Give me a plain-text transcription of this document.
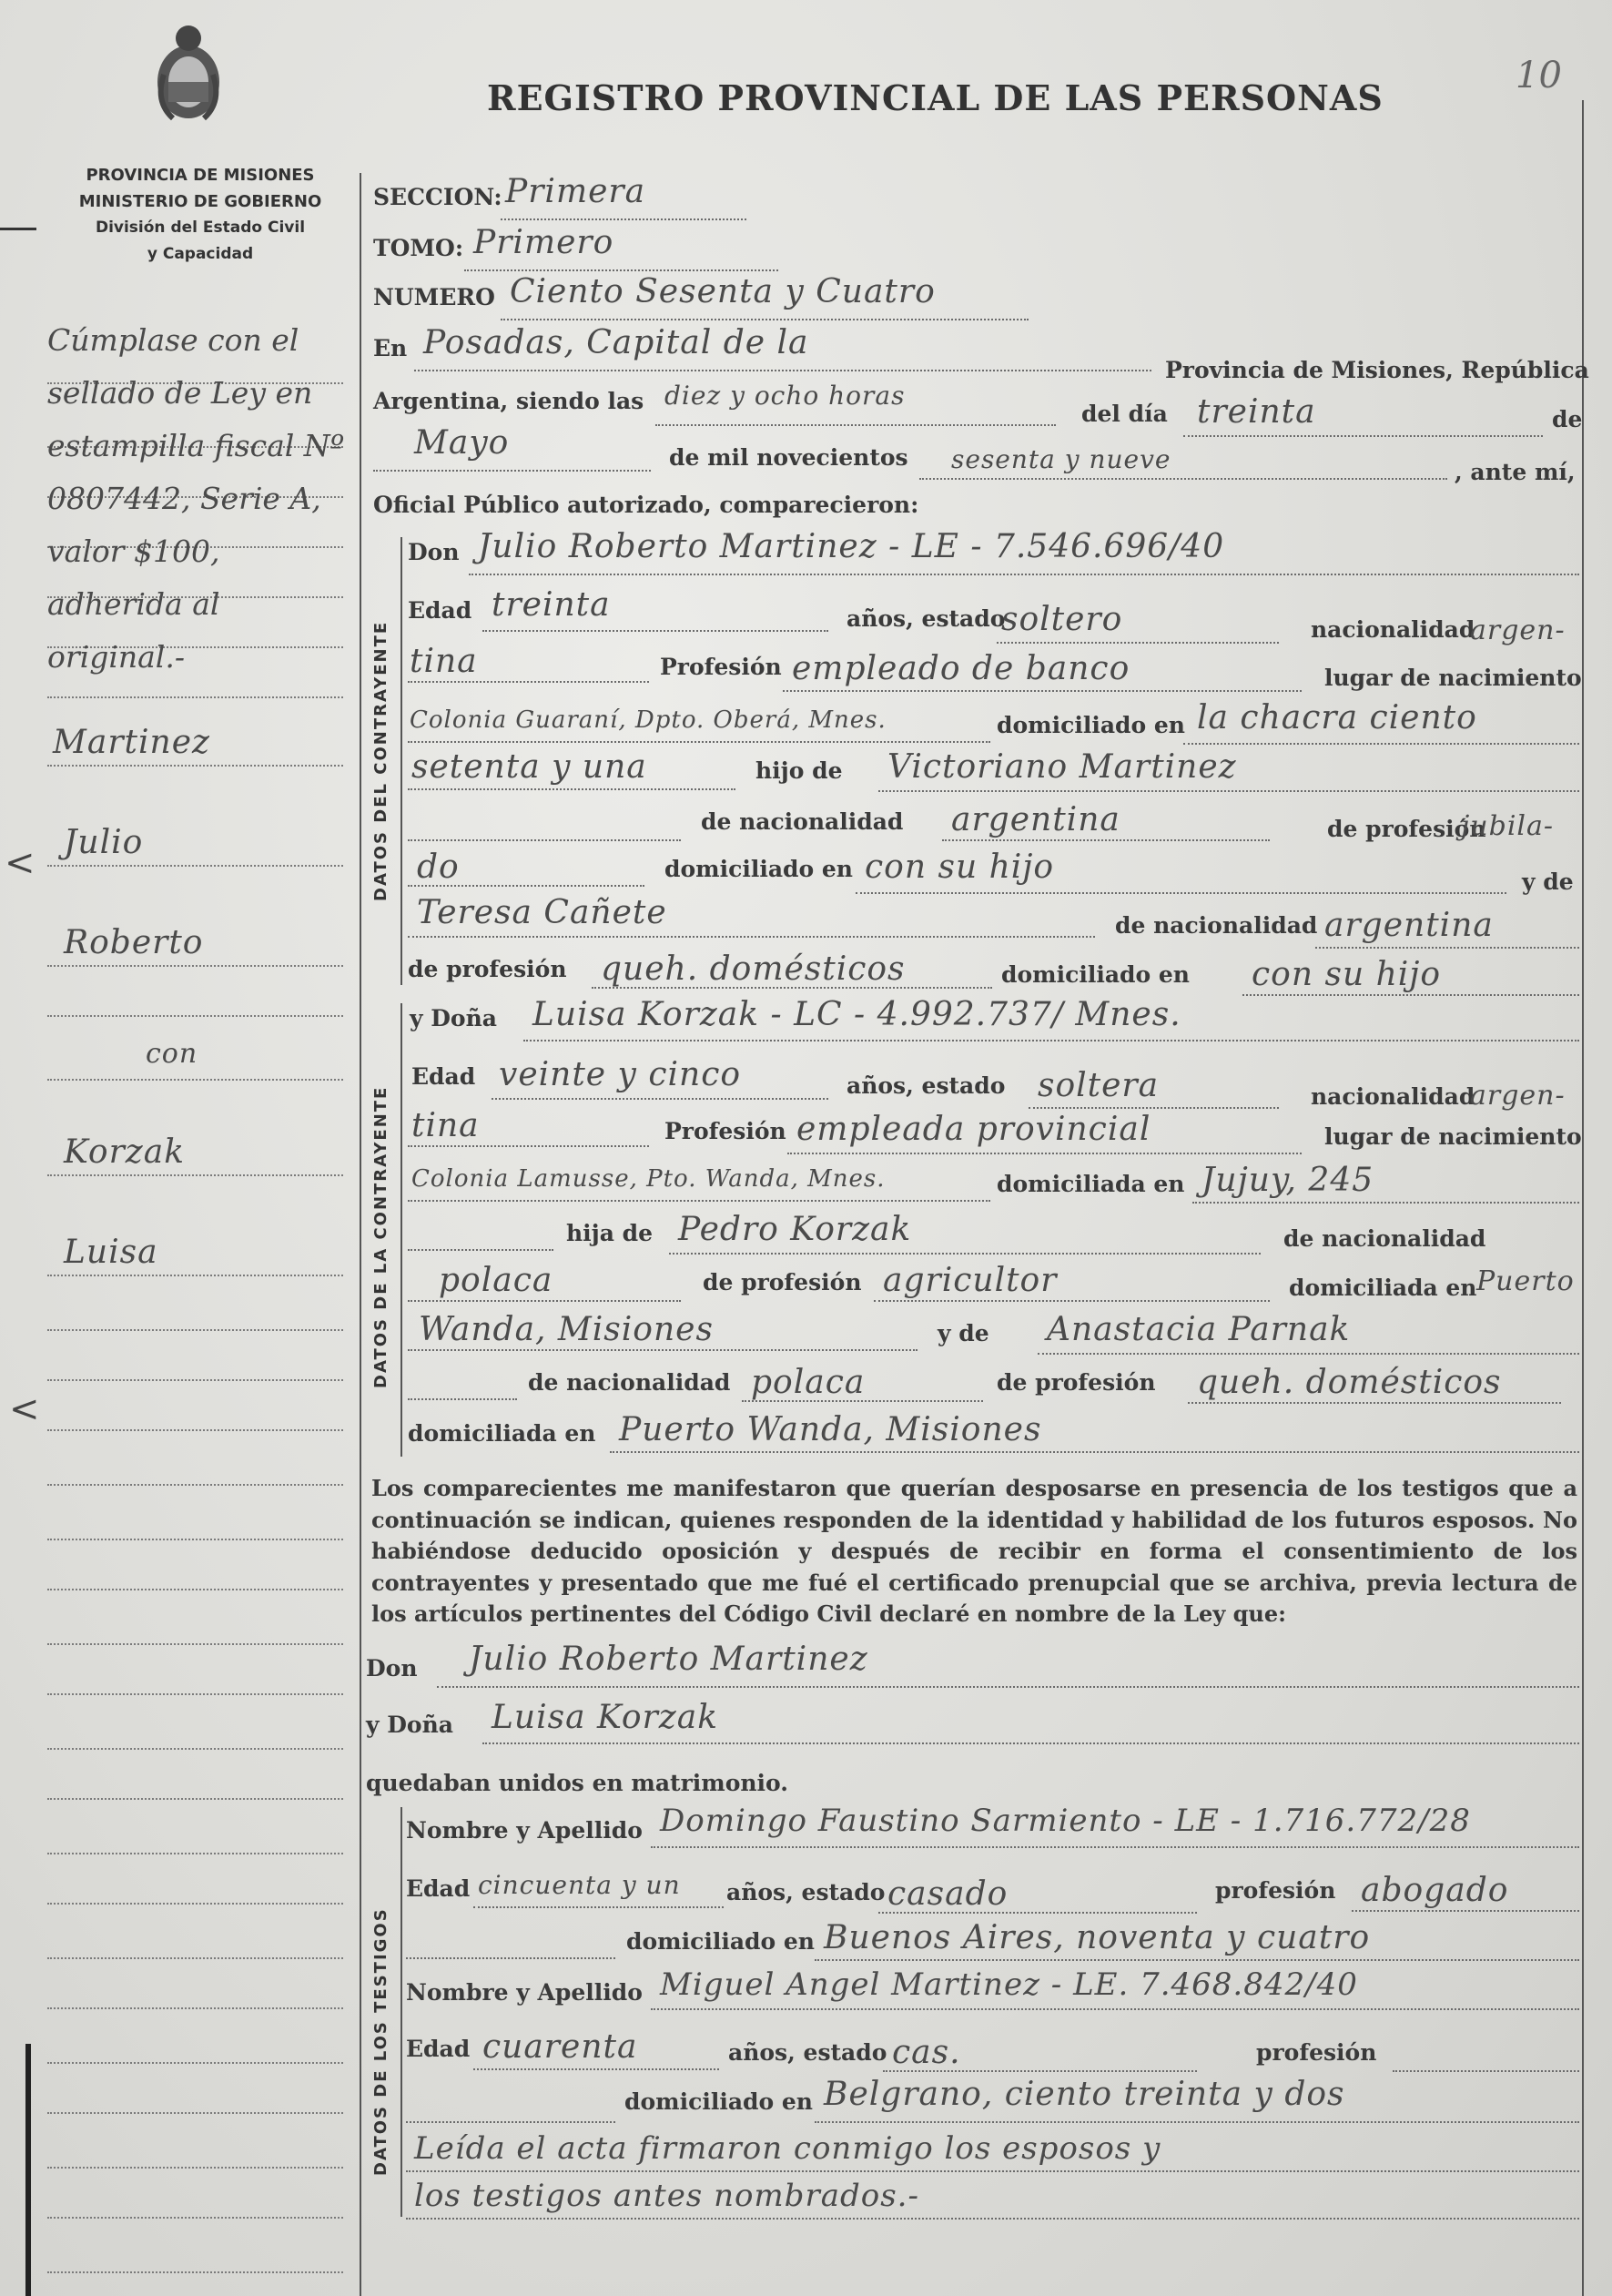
PROVINCIA DE MISIONES
MINISTERIO DE GOBIERNO
División del Estado Civil
y Capacidad
REGISTRO PROVINCIAL DE LAS PERSONAS
10
Cúmplase con el sellado de Ley en estampilla fiscal Nº 0807442, Serie A, valor $100, adherida al original.-
Martinez
Julio
Roberto
con
Korzak
Luisa
<
<
SECCION: Primera
TOMO: Primero
NUMERO Ciento Sesenta y Cuatro
En Posadas, Capital de la
Provincia de Misiones, República
Argentina, siendo las diez y ocho horas
del día treinta	de
Mayo	de mil novecientos sesenta y nueve	, ante mí,
Oficial Público autorizado, comparecieron:
DATOS DEL CONTRAYENTE
Don Julio Roberto Martinez - LE - 7.546.696/40
Edad treinta	años, estado
soltero	nacionalidad
argen-
tina	Profesión empleado de banco	lugar de nacimiento
Colonia Guaraní, Dpto. Oberá, Mnes.	domiciliado en la chacra ciento
setenta y una	hijo de Victoriano Martinez
de nacionalidad argentina	de profesión
jubila-
do	domiciliado en con su hijo	y de
Teresa Cañete	de nacionalidad argentina
de profesión queh. domésticos	domiciliado en con su hijo
DATOS DE LA CONTRAYENTE
y Doña Luisa Korzak - LC - 4.992.737/ Mnes.
Edad veinte y cinco	años, estado soltera	nacionalidad
argen-
tina	Profesión empleada provincial	lugar de nacimiento
Colonia Lamusse, Pto. Wanda, Mnes.	domiciliada en Jujuy, 245
hija de Pedro Korzak	de nacionalidad
polaca	de profesión agricultor	domiciliada en Puerto
Wanda, Misiones	y de Anastacia Parnak
de nacionalidad polaca	de profesión queh. domésticos
domiciliada en Puerto Wanda, Misiones
Los comparecientes me manifestaron que querían desposarse en presencia de los testigos que a continuación se indican, quienes responden de la identidad y habilidad de los futuros esposos. No habiéndose deducido oposición y después de recibir en forma el consentimiento de los contrayentes y presentado que me fué el certificado prenupcial que se archiva, previa lectura de los artículos pertinentes del Código Civil declaré en nombre de la Ley que:
Don Julio Roberto Martinez
y Doña Luisa Korzak
quedaban unidos en matrimonio.
DATOS DE LOS TESTIGOS
Nombre y Apellido Domingo Faustino Sarmiento - LE - 1.716.772/28
Edad cincuenta y un años, estado casado	profesión abogado
domiciliado en Buenos Aires, noventa y cuatro
Nombre y Apellido Miguel Angel Martinez - LE. 7.468.842/40
Edad cuarenta	años, estado cas.	profesión
domiciliado en Belgrano, ciento treinta y dos
Leída el acta firmaron conmigo los esposos y
los testigos antes nombrados.-
